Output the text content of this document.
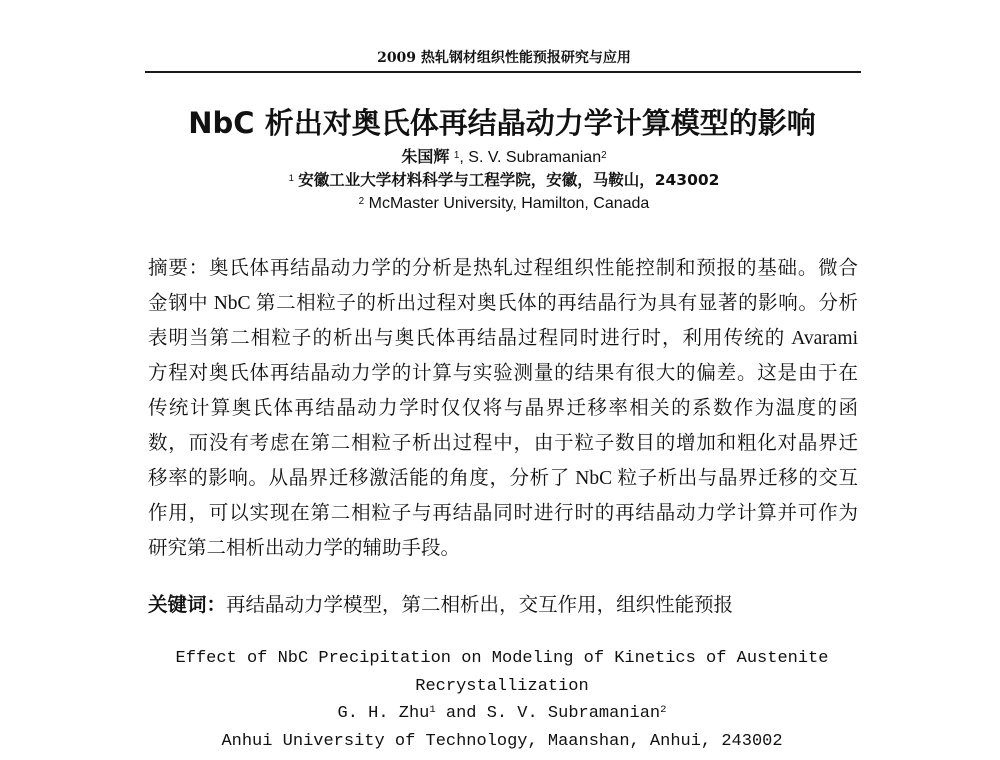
2009 热轧钢材组织性能预报研究与应用
NbC 析出对奥氏体再结晶动力学计算模型的影响
朱国辉 $^1$, S. V. Subramanian$^2$
$^1$ 安徽工业大学材料科学与工程学院，安徽，马鞍山，243002
$^2$ McMaster University, Hamilton, Canada
摘要：奥氏体再结晶动力学的分析是热轧过程组织性能控制和预报的基础。微合
金钢中 NbC 第二相粒子的析出过程对奥氏体的再结晶行为具有显著的影响。分析
表明当第二相粒子的析出与奥氏体再结晶过程同时进行时，利用传统的 Avarami
方程对奥氏体再结晶动力学的计算与实验测量的结果有很大的偏差。这是由于在
传统计算奥氏体再结晶动力学时仅仅将与晶界迁移率相关的系数作为温度的函
数，而没有考虑在第二相粒子析出过程中，由于粒子数目的增加和粗化对晶界迁
移率的影响。从晶界迁移激活能的角度，分析了 NbC 粒子析出与晶界迁移的交互
作用，可以实现在第二相粒子与再结晶同时进行时的再结晶动力学计算并可作为
研究第二相析出动力学的辅助手段。
关键词：再结晶动力学模型，第二相析出，交互作用，组织性能预报
Effect of NbC Precipitation on Modeling of Kinetics of Austenite
Recrystallization
G. H. Zhu$^1$ and S. V. Subramanian$^2$
Anhui University of Technology, Maanshan, Anhui, 243002
